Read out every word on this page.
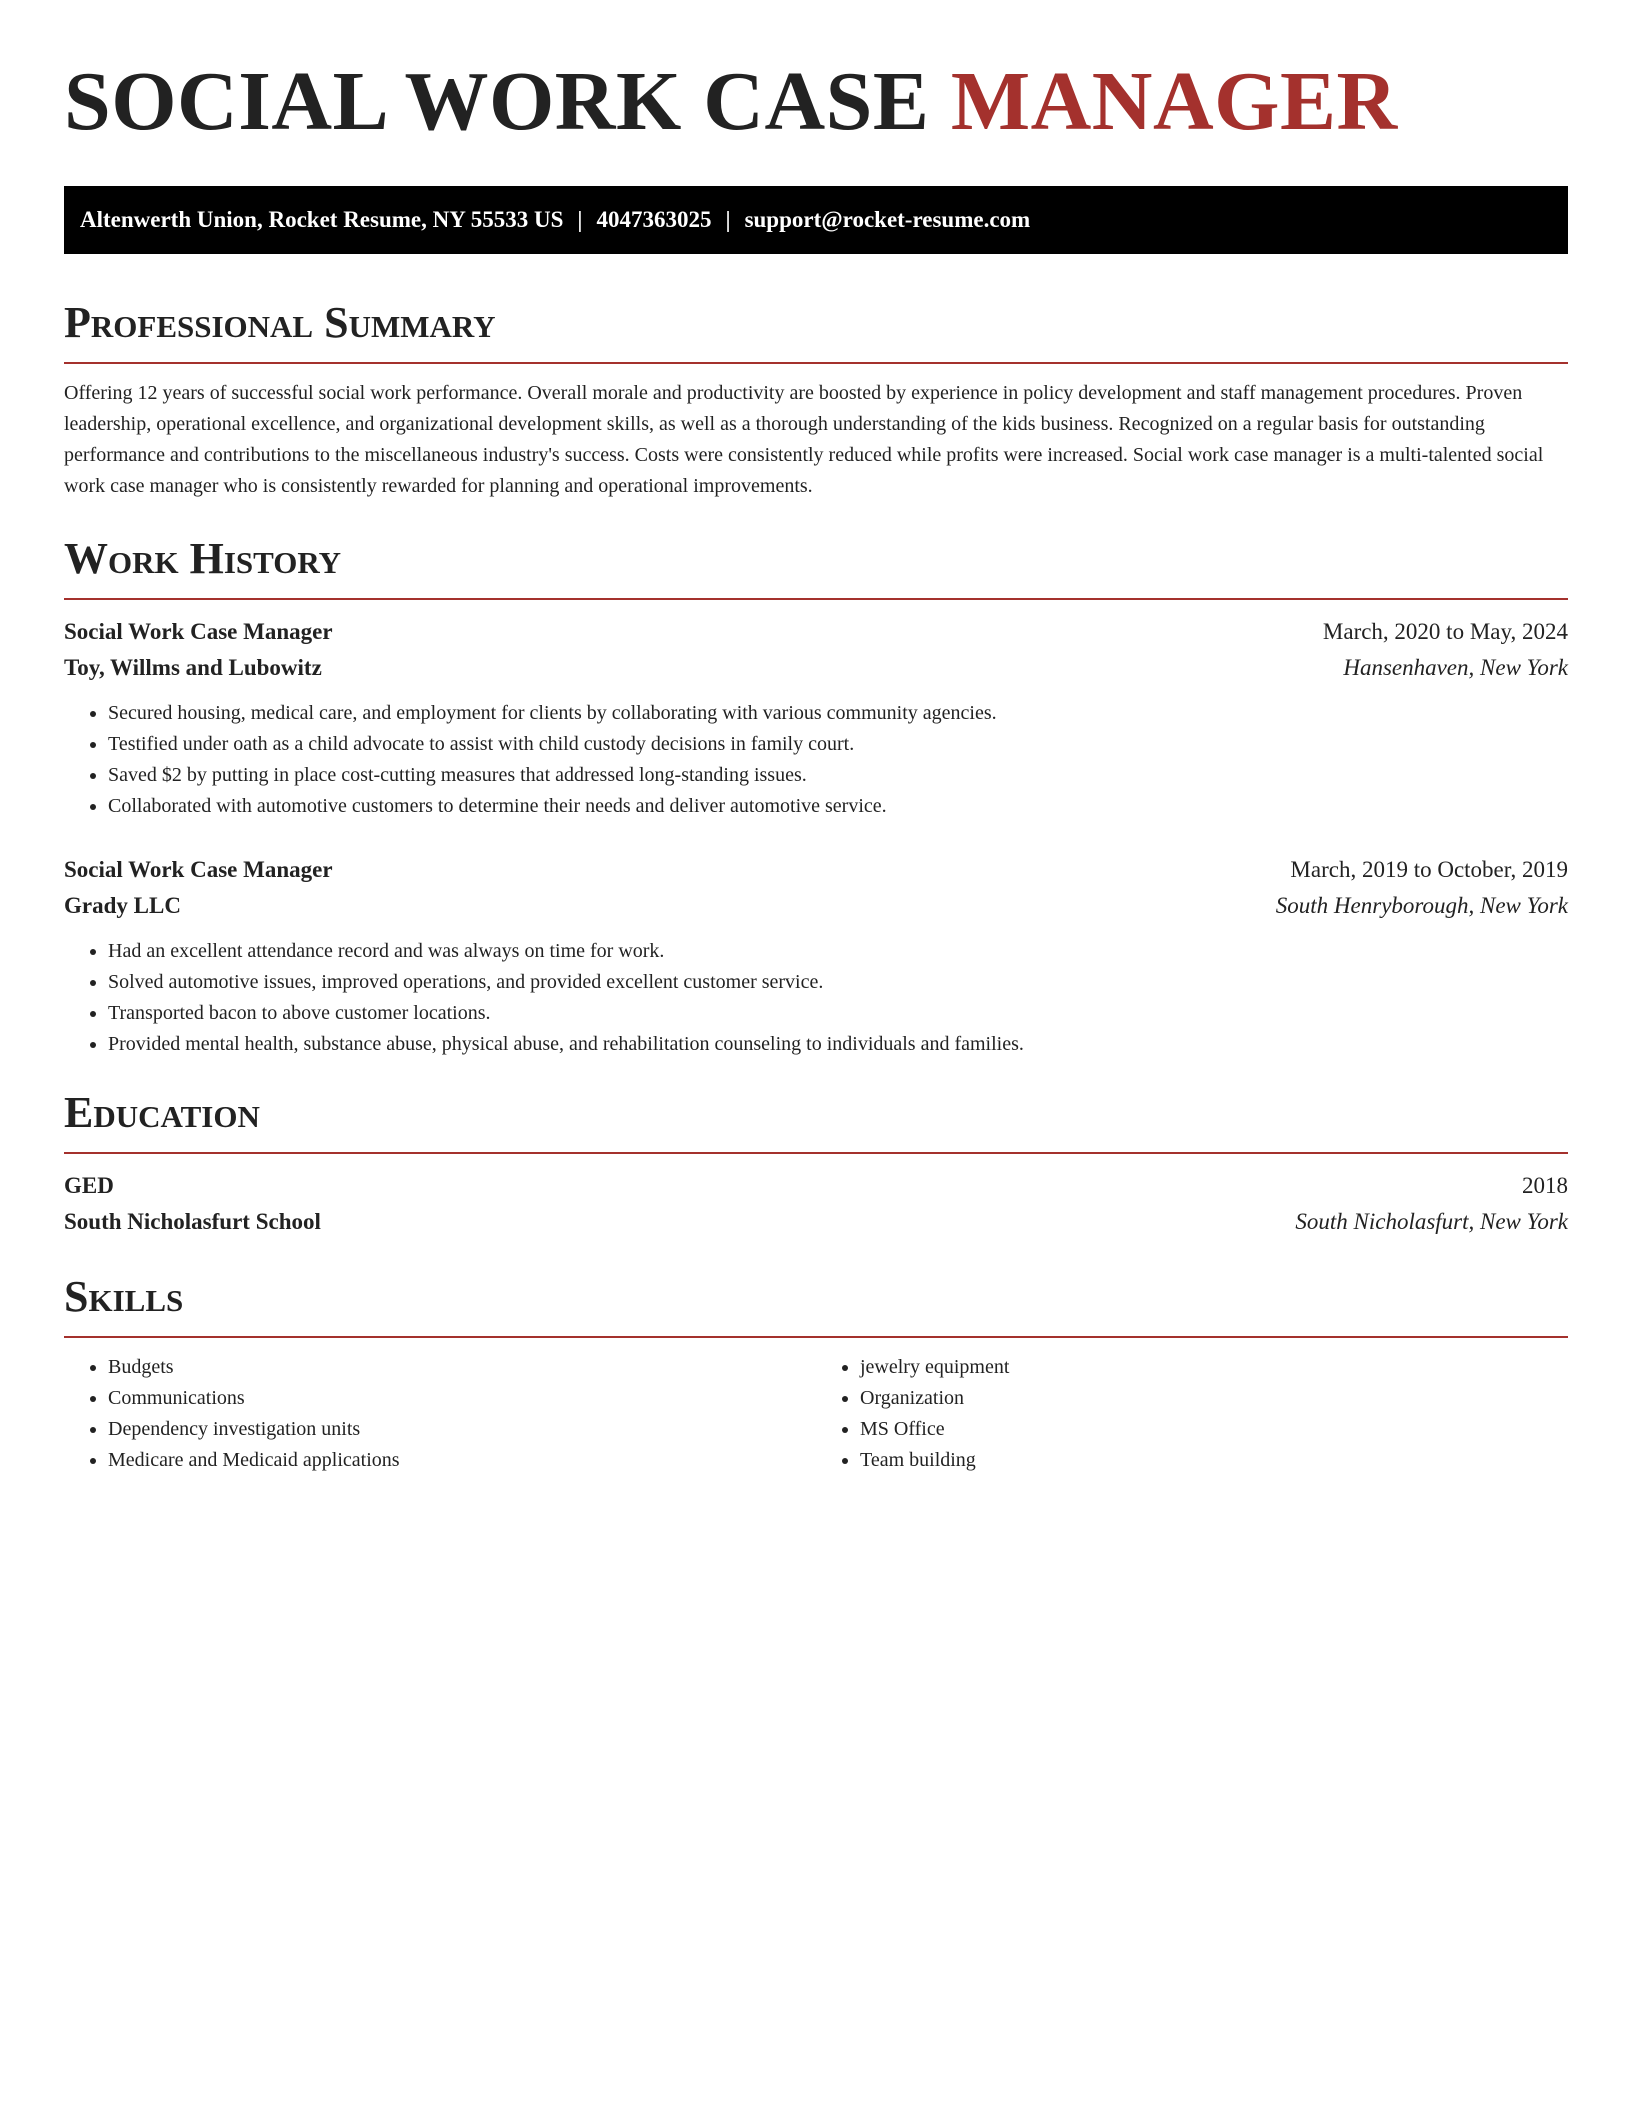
SOCIAL WORK CASE MANAGER
Altenwerth Union, Rocket Resume, NY 55533 US | 4047363025 | support@rocket-resume.com
Professional Summary

Offering 12 years of successful social work performance. Overall morale and productivity are boosted by experience in policy development and staff management procedures. Proven leadership, operational excellence, and organizational development skills, as well as a thorough understanding of the kids business. Recognized on a regular basis for outstanding performance and contributions to the miscellaneous industry's success. Costs were consistently reduced while profits were increased. Social work case manager is a multi-talented social work case manager who is consistently rewarded for planning and operational improvements.

Work History
Social Work Case Manager	March, 2020 to May, 2024
Toy, Willms and Lubowitz	Hansenhaven, New York
• Secured housing, medical care, and employment for clients by collaborating with various community agencies.
• Testified under oath as a child advocate to assist with child custody decisions in family court.
• Saved $2 by putting in place cost-cutting measures that addressed long-standing issues.
• Collaborated with automotive customers to determine their needs and deliver automotive service.
Social Work Case Manager	March, 2019 to October, 2019
Grady LLC	South Henryborough, New York
• Had an excellent attendance record and was always on time for work.
• Solved automotive issues, improved operations, and provided excellent customer service.
• Transported bacon to above customer locations.
• Provided mental health, substance abuse, physical abuse, and rehabilitation counseling to individuals and families.
Education
GED	2018
South Nicholasfurt School	South Nicholasfurt, New York
Skills
• Budgets
• Communications
• Dependency investigation units
• Medicare and Medicaid applications
• jewelry equipment
• Organization
• MS Office
• Team building
